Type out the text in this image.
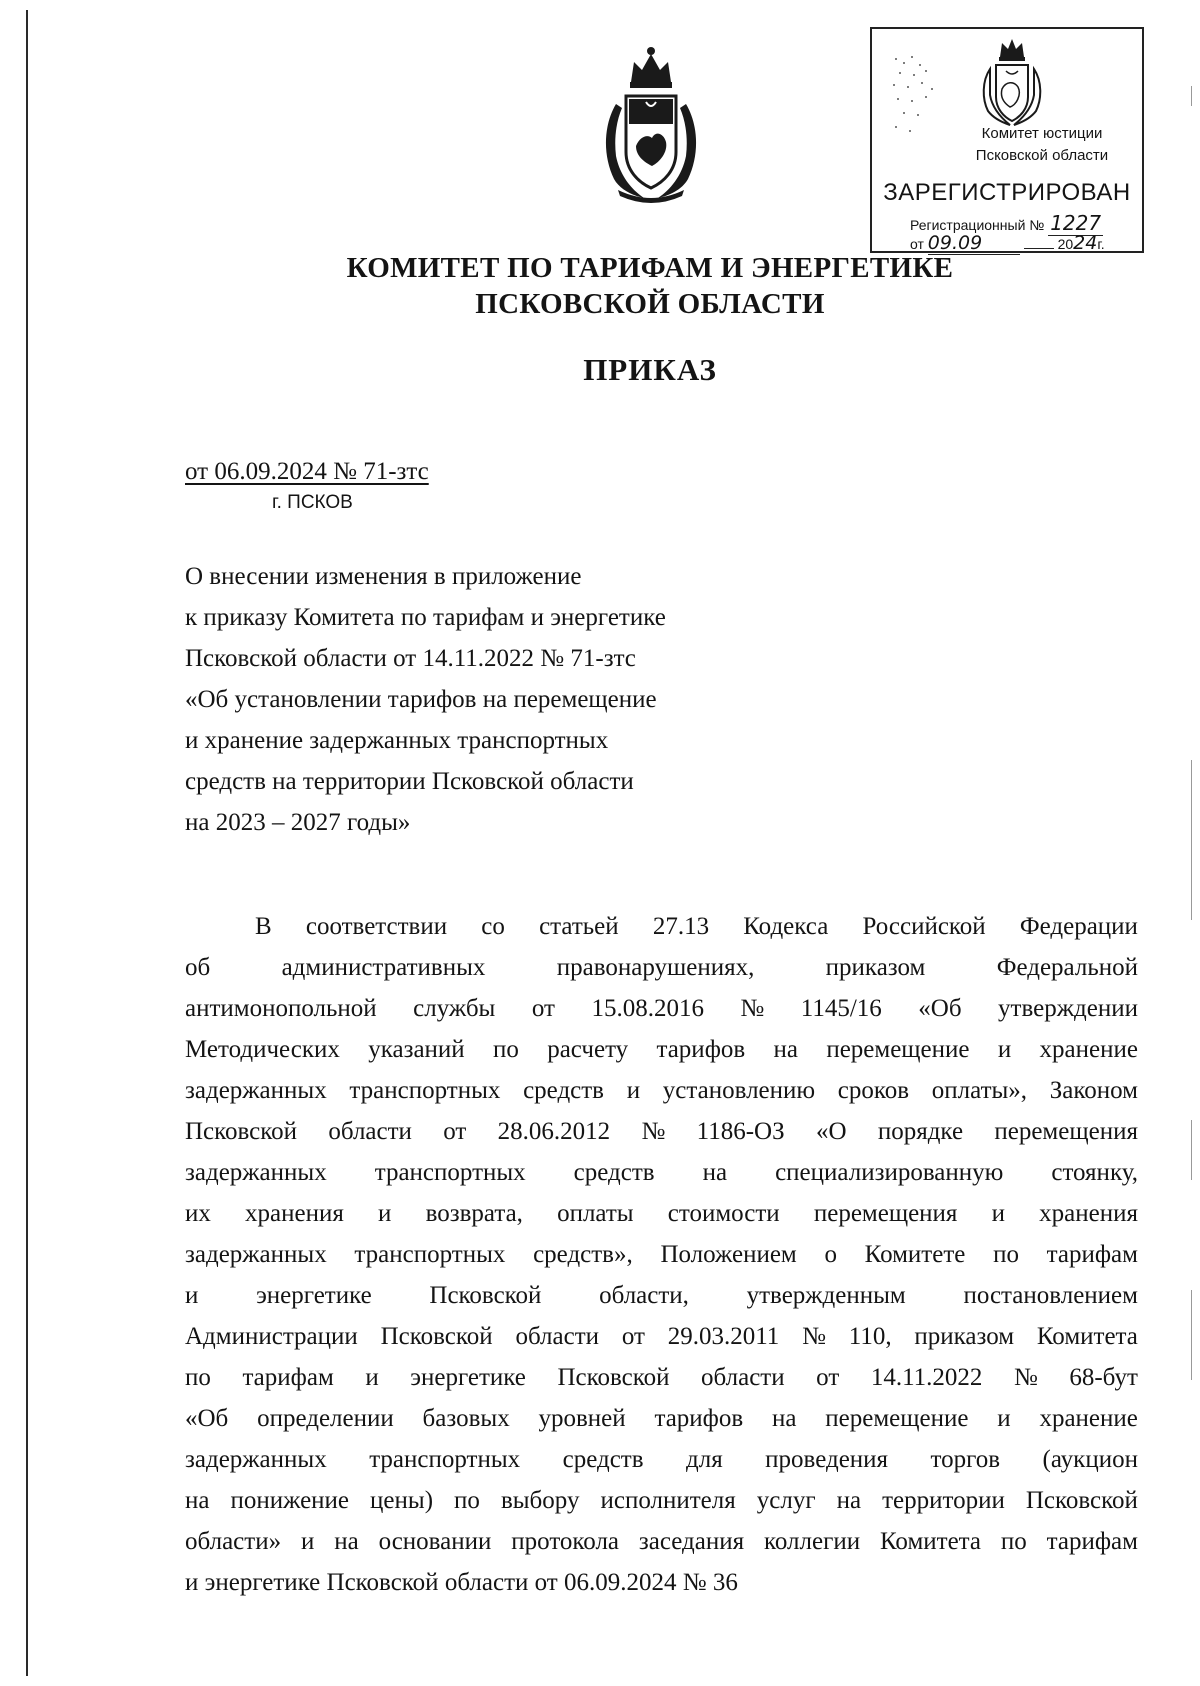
Комитет юстиции
Псковской области
ЗАРЕГИСТРИРОВАН
Регистрационный № 1227
от 09.09	2024г.
КОМИТЕТ ПО ТАРИФАМ И ЭНЕРГЕТИКЕ
ПСКОВСКОЙ ОБЛАСТИ
ПРИКАЗ
от 06.09.2024 № 71-зтс
г. ПСКОВ
О внесении изменения в приложение
к приказу Комитета по тарифам и энергетике
Псковской области от 14.11.2022 № 71-зтс
«Об установлении тарифов на перемещение
и хранение задержанных транспортных
средств на территории Псковской области
на 2023 – 2027 годы»
В соответствии со статьей 27.13 Кодекса Российской Федерации
об	административных	правонарушениях,	приказом	Федеральной
антимонопольной службы от 15.08.2016 № 1145/16 «Об утверждении
Методических указаний по расчету тарифов на перемещение и хранение
задержанных транспортных средств и установлению сроков оплаты», Законом
Псковской области от 28.06.2012 № 1186-ОЗ «О порядке перемещения
задержанных транспортных средств на специализированную стоянку,
их хранения и возврата, оплаты стоимости перемещения и хранения
задержанных транспортных средств», Положением о Комитете по тарифам
и энергетике Псковской области, утвержденным постановлением
Администрации Псковской области от 29.03.2011 № 110, приказом Комитета
по тарифам и энергетике Псковской области от 14.11.2022 № 68-бут
«Об определении базовых уровней тарифов на перемещение и хранение
задержанных транспортных средств для проведения торгов (аукцион
на понижение цены) по выбору исполнителя услуг на территории Псковской
области» и на основании протокола заседания коллегии Комитета по тарифам
и энергетике Псковской области от 06.09.2024 № 36
